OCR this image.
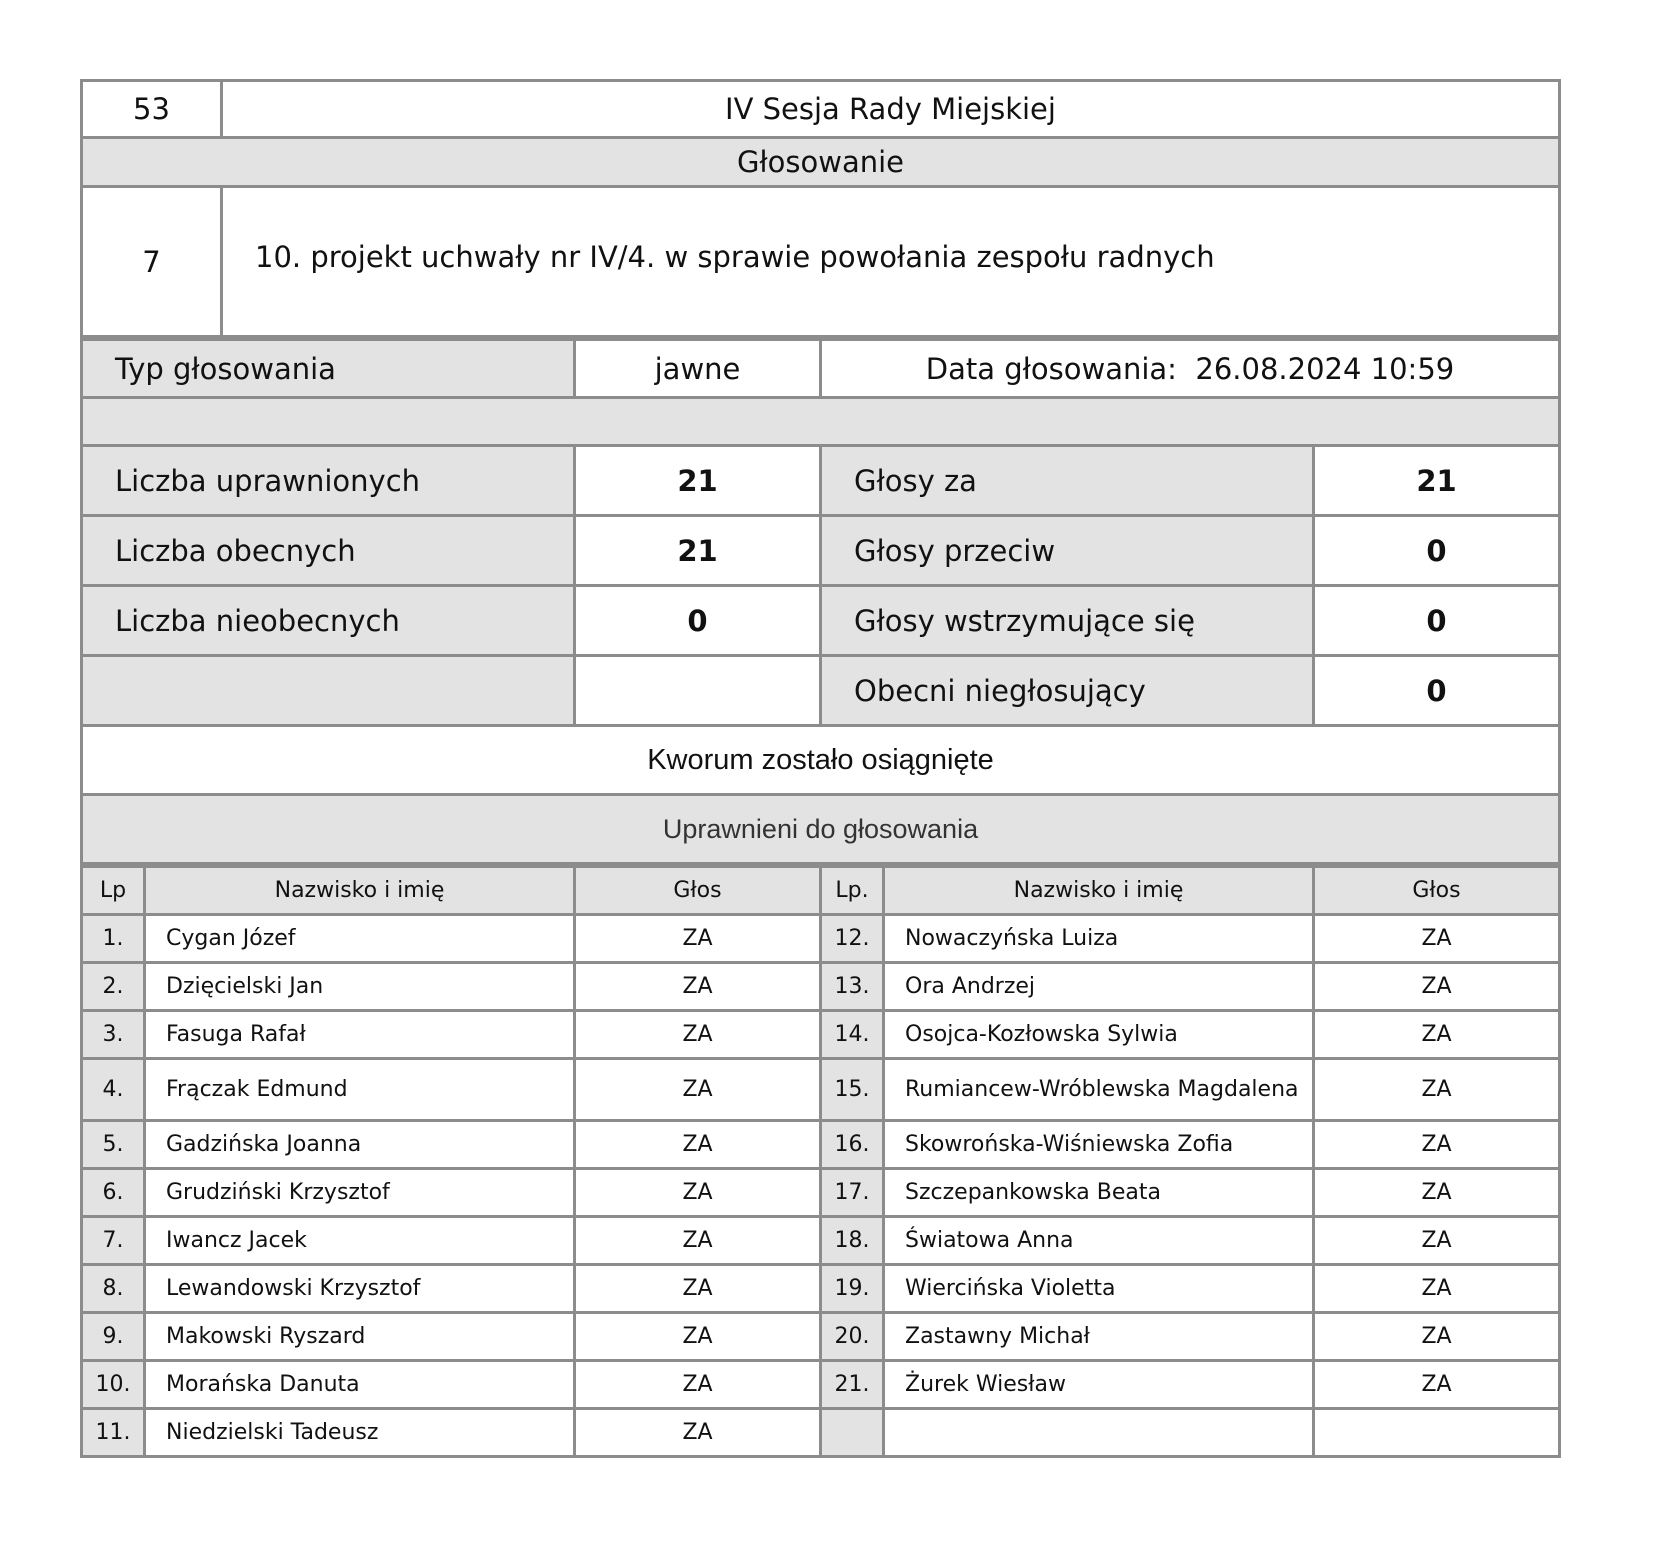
53	IV Sesja Rady Miejskiej
Głosowanie	
7	10. projekt uchwały nr IV/4. w sprawie powołania zespołu radnych
Typ głosowania	jawne	Data głosowania: 26.08.2024 10:59	

Liczba uprawnionych	21	Głosy za	21
Liczba obecnych	21	Głosy przeciw	0
Liczba nieobecnych	0	Głosy wstrzymujące się	0
		Obecni niegłosujący	0
Kworum zostało osiągnięte			
Uprawnieni do głosowania			
Lp	Nazwisko i imię	Głos	Lp.	Nazwisko i imię	Głos
1.	Cygan Józef	ZA	12.	Nowaczyńska Luiza	ZA
2.	Dzięcielski Jan	ZA	13.	Ora Andrzej	ZA
3.	Fasuga Rafał	ZA	14.	Osojca-Kozłowska Sylwia	ZA
4.	Frączak Edmund	ZA	15.	Rumiancew-Wróblewska Magdalena	ZA
5.	Gadzińska Joanna	ZA	16.	Skowrońska-Wiśniewska Zofia	ZA
6.	Grudziński Krzysztof	ZA	17.	Szczepankowska Beata	ZA
7.	Iwancz Jacek	ZA	18.	Światowa Anna	ZA
8.	Lewandowski Krzysztof	ZA	19.	Wiercińska Violetta	ZA
9.	Makowski Ryszard	ZA	20.	Zastawny Michał	ZA
10.	Morańska Danuta	ZA	21.	Żurek Wiesław	ZA
11.	Niedzielski Tadeusz	ZA			
